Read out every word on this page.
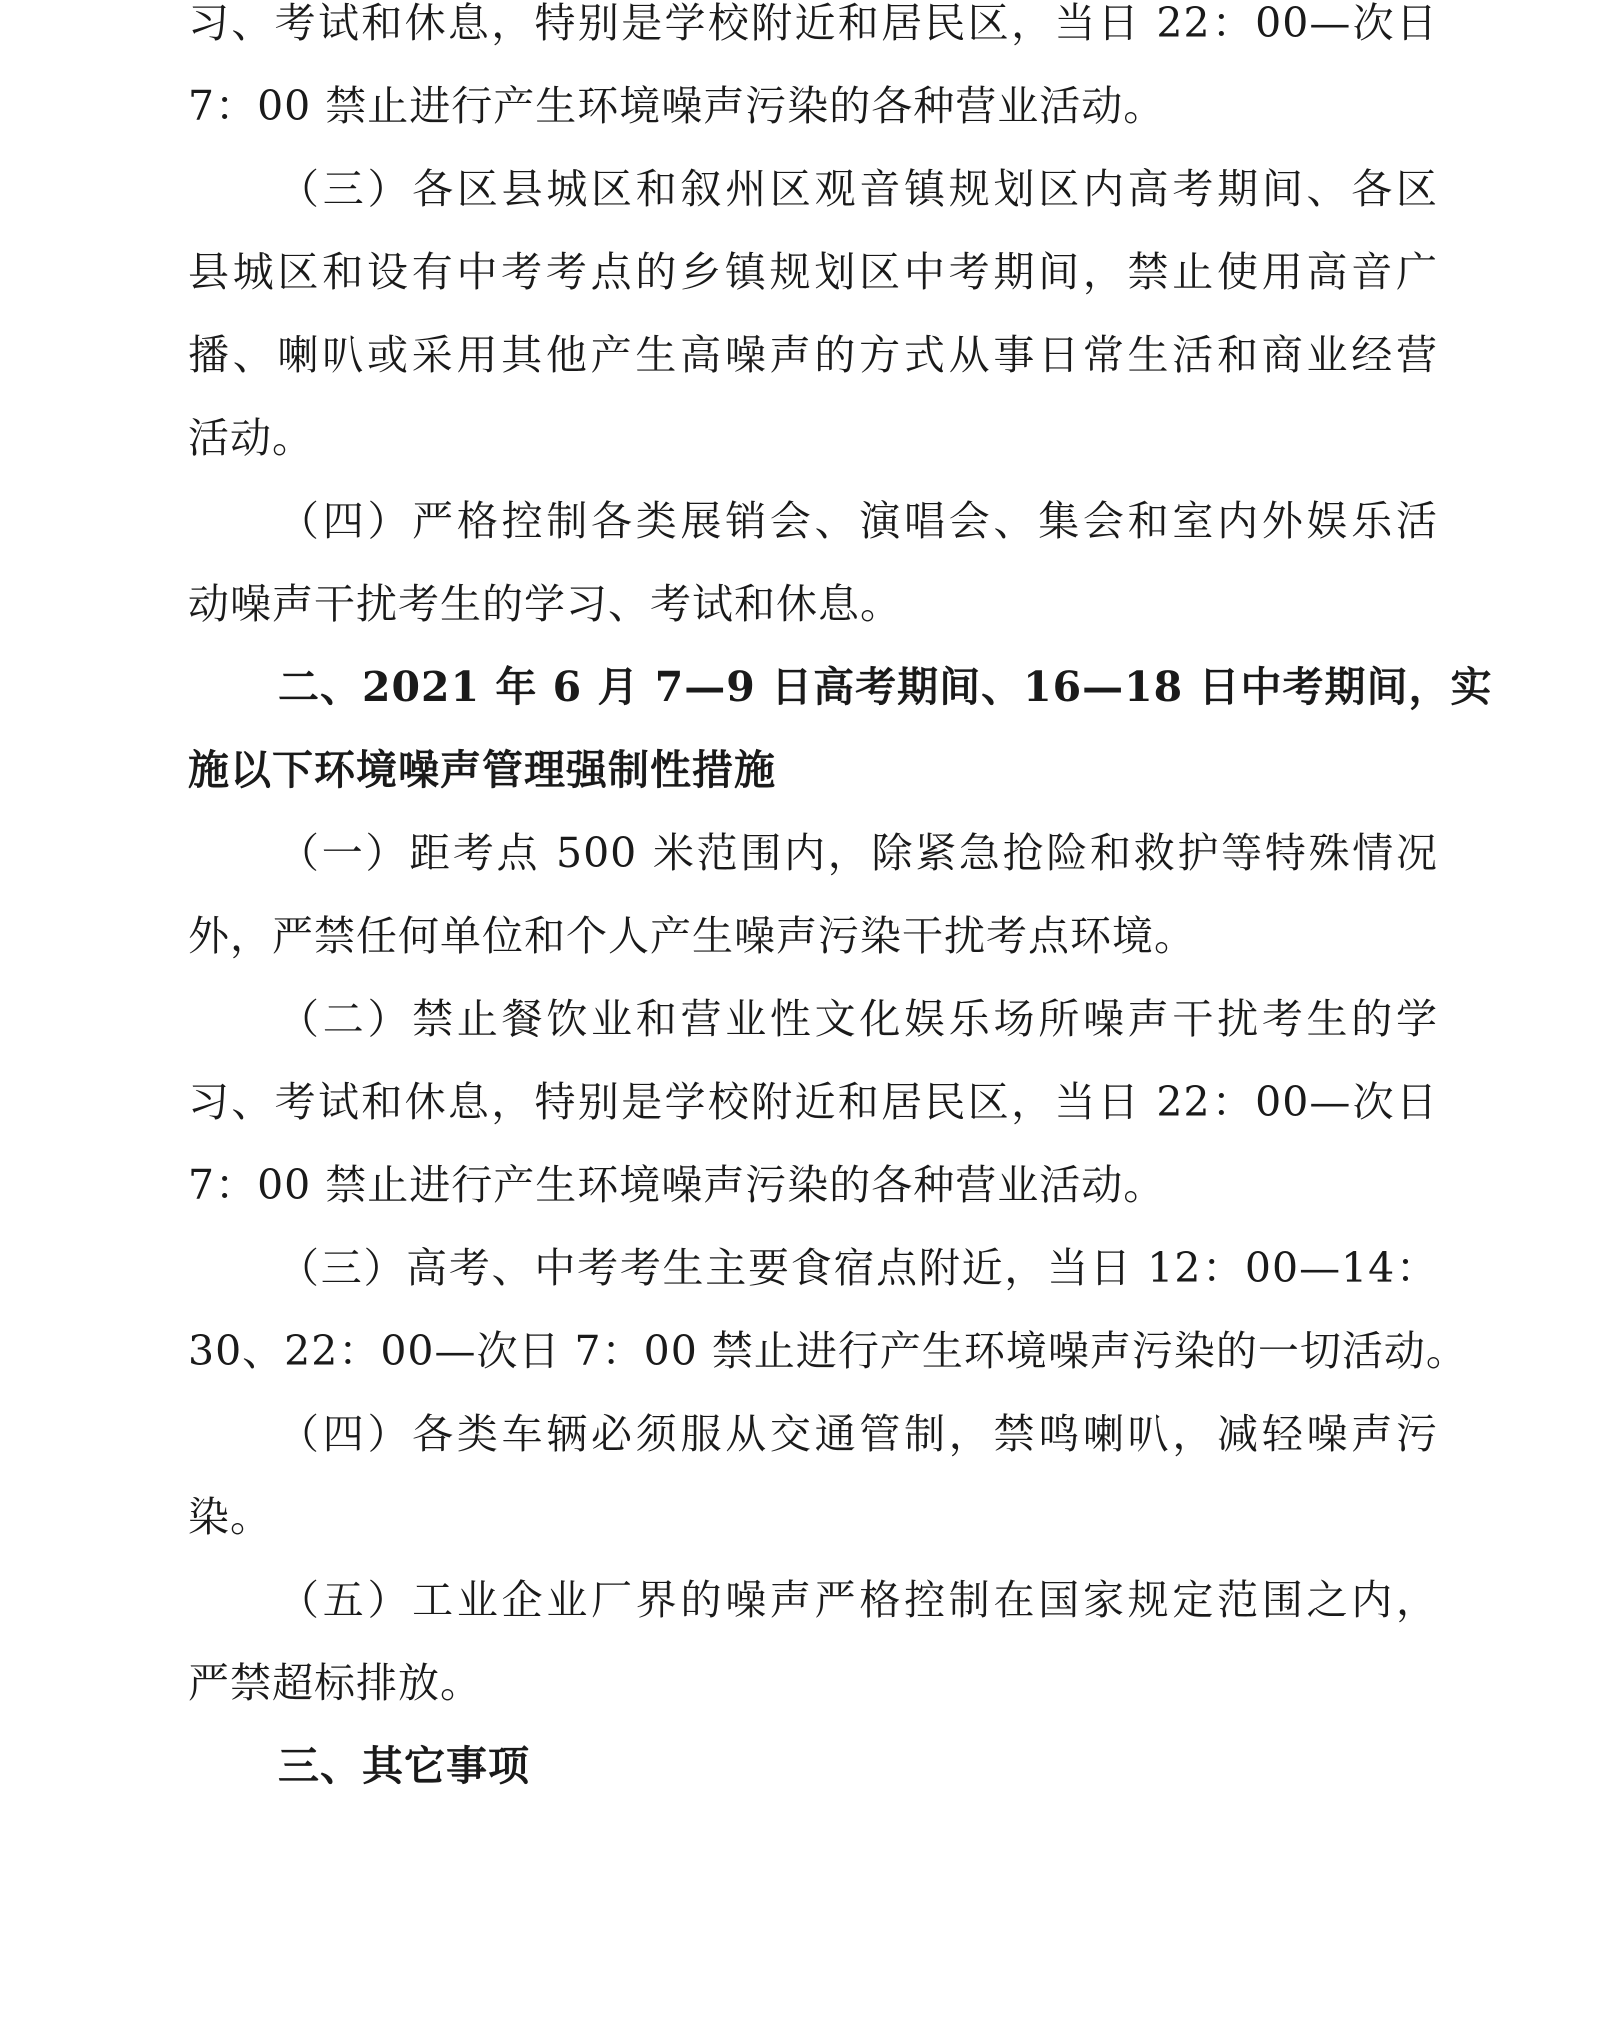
习、考试和休息，特别是学校附近和居民区，当日 22：00—次日
7：00 禁止进行产生环境噪声污染的各种营业活动。
（三）各区县城区和叙州区观音镇规划区内高考期间、各区
县城区和设有中考考点的乡镇规划区中考期间，禁止使用高音广
播、喇叭或采用其他产生高噪声的方式从事日常生活和商业经营
活动。
（四）严格控制各类展销会、演唱会、集会和室内外娱乐活
动噪声干扰考生的学习、考试和休息。
二、2021 年 6 月 7—9 日高考期间、16—18 日中考期间，实
施以下环境噪声管理强制性措施
（一）距考点 500 米范围内，除紧急抢险和救护等特殊情况
外，严禁任何单位和个人产生噪声污染干扰考点环境。
（二）禁止餐饮业和营业性文化娱乐场所噪声干扰考生的学
习、考试和休息，特别是学校附近和居民区，当日 22：00—次日
7：00 禁止进行产生环境噪声污染的各种营业活动。
（三）高考、中考考生主要食宿点附近，当日 12：00—14：
30、22：00—次日 7：00 禁止进行产生环境噪声污染的一切活动。
（四）各类车辆必须服从交通管制，禁鸣喇叭，减轻噪声污
染。
（五）工业企业厂界的噪声严格控制在国家规定范围之内，
严禁超标排放。
三、其它事项
